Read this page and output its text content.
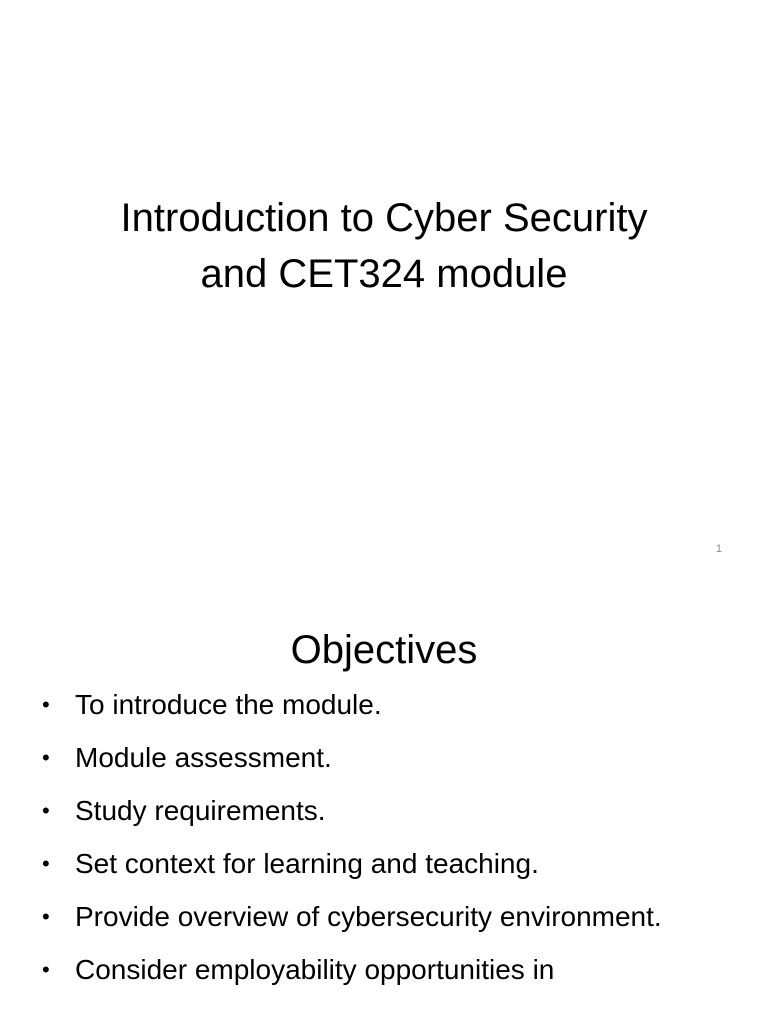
Introduction to Cyber Security
and CET324 module
1
Objectives
• To introduce the module.
• Module assessment.
• Study requirements.
• Set context for learning and teaching.
• Provide overview of cybersecurity environment.
• Consider employability opportunities in
